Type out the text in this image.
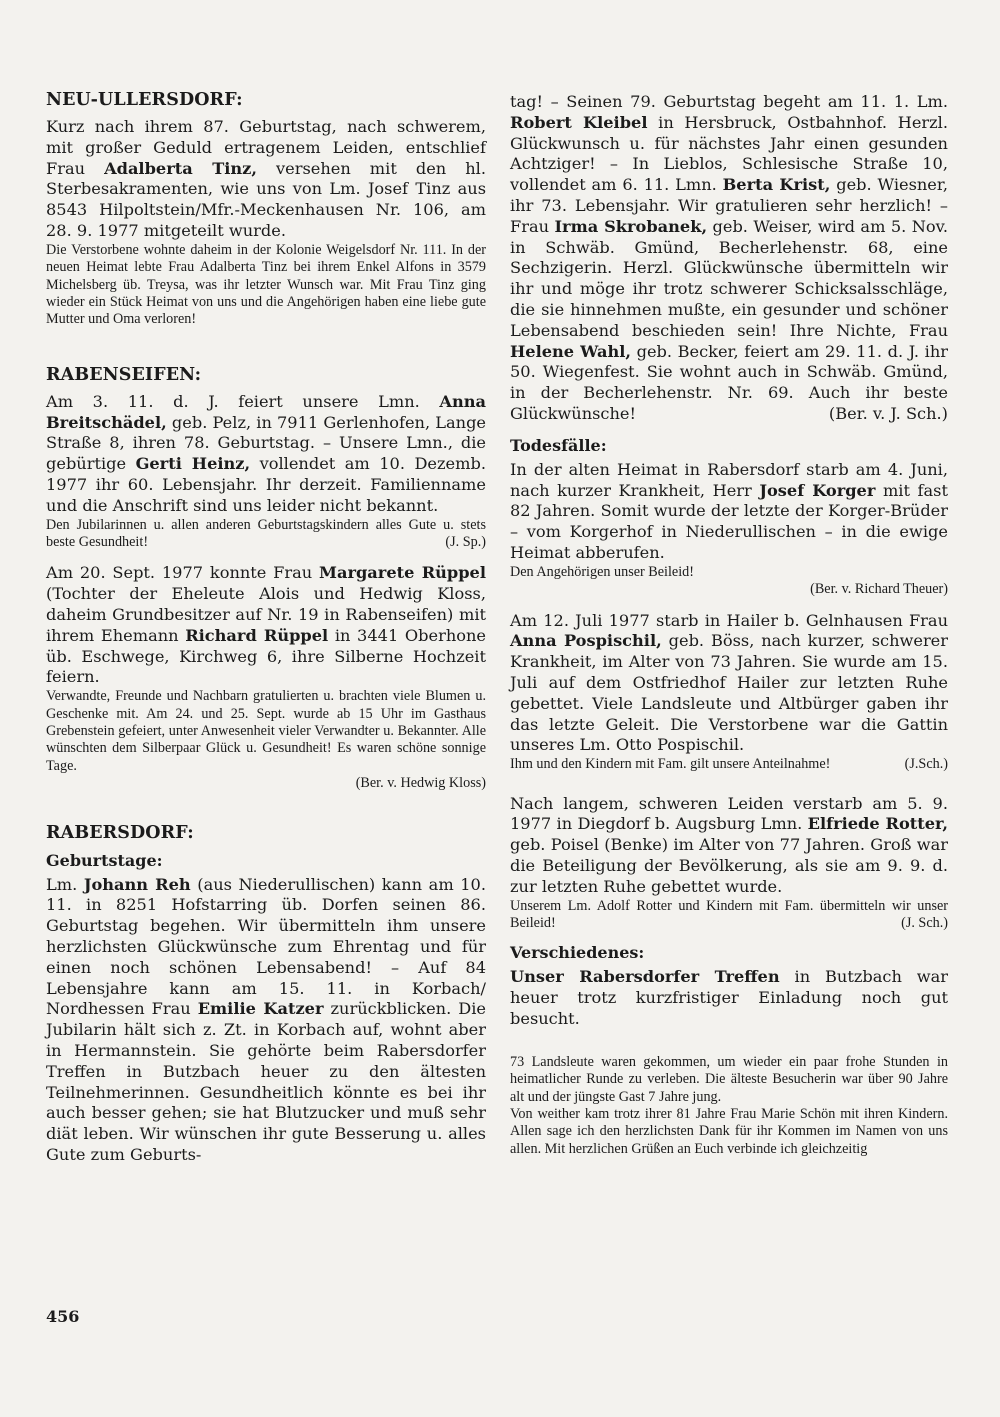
NEU-ULLERSDORF:

Kurz nach ihrem 87. Geburtstag, nach schwerem, mit großer Geduld ertragenem Leiden, entschlief Frau Adalberta Tinz, versehen mit den hl. Sterbesakramenten, wie uns von Lm. Josef Tinz aus 8543 Hilpoltstein/Mfr.-Meckenhausen Nr. 106, am 28. 9. 1977 mitgeteilt wurde.

Die Verstorbene wohnte daheim in der Kolonie Weigelsdorf Nr. 111. In der neuen Heimat lebte Frau Adalberta Tinz bei ihrem Enkel Alfons in 3579 Michelsberg üb. Treysa, was ihr letzter Wunsch war. Mit Frau Tinz ging wieder ein Stück Heimat von uns und die Angehörigen haben eine liebe gute Mutter und Oma verloren!

RABENSEIFEN:

Am 3. 11. d. J. feiert unsere Lmn. Anna Breitschädel, geb. Pelz, in 7911 Gerlenhofen, Lange Straße 8, ihren 78. Geburtstag. – Unsere Lmn., die gebürtige Gerti Heinz, vollendet am 10. Dezemb. 1977 ihr 60. Lebensjahr. Ihr derzeit. Familienname und die Anschrift sind uns leider nicht bekannt.

Den Jubilarinnen u. allen anderen Geburtstagskindern alles Gute u. stets beste Gesundheit!	(J. Sp.)

Am 20. Sept. 1977 konnte Frau Margarete Rüppel (Tochter der Eheleute Alois und Hedwig Kloss, daheim Grundbesitzer auf Nr. 19 in Rabenseifen) mit ihrem Ehemann Richard Rüppel in 3441 Oberhone üb. Eschwege, Kirchweg 6, ihre Silberne Hochzeit feiern.

Verwandte, Freunde und Nachbarn gratulierten u. brachten viele Blumen u. Geschenke mit. Am 24. und 25. Sept. wurde ab 15 Uhr im Gasthaus Grebenstein gefeiert, unter Anwesenheit vieler Verwandter u. Bekannter. Alle wünschten dem Silberpaar Glück u. Gesundheit! Es waren schöne sonnige Tage.

(Ber. v. Hedwig Kloss)

RABERSDORF:
Geburtstage:

Lm. Johann Reh (aus Niederullischen) kann am 10. 11. in 8251 Hofstarring üb. Dorfen seinen 86. Geburtstag begehen. Wir übermitteln ihm unsere herzlichsten Glückwünsche zum Ehrentag und für einen noch schönen Lebensabend! – Auf 84 Lebensjahre kann am 15. 11. in Korbach/ Nordhessen Frau Emilie Katzer zurückblicken. Die Jubilarin hält sich z. Zt. in Korbach auf, wohnt aber in Hermannstein. Sie gehörte beim Rabersdorfer Treffen in Butzbach heuer zu den ältesten Teilnehmerinnen. Gesundheitlich könnte es bei ihr auch besser gehen; sie hat Blutzucker und muß sehr diät leben. Wir wünschen ihr gute Besserung u. alles Gute zum Geburts-

tag! – Seinen 79. Geburtstag begeht am 11. 1. Lm. Robert Kleibel in Hersbruck, Ostbahnhof. Herzl. Glückwunsch u. für nächstes Jahr einen gesunden Achtziger! – In Lieblos, Schlesische Straße 10, vollendet am 6. 11. Lmn. Berta Krist, geb. Wiesner, ihr 73. Lebensjahr. Wir gratulieren sehr herzlich! – Frau Irma Skrobanek, geb. Weiser, wird am 5. Nov. in Schwäb. Gmünd, Becherlehenstr. 68, eine Sechzigerin. Herzl. Glückwünsche übermitteln wir ihr und möge ihr trotz schwerer Schicksalsschläge, die sie hinnehmen mußte, ein gesunder und schöner Lebensabend beschieden sein! Ihre Nichte, Frau Helene Wahl, geb. Becker, feiert am 29. 11. d. J. ihr 50. Wiegenfest. Sie wohnt auch in Schwäb. Gmünd, in der Becherlehenstr. Nr. 69. Auch ihr beste Glückwünsche!	(Ber. v. J. Sch.)

Todesfälle:

In der alten Heimat in Rabersdorf starb am 4. Juni, nach kurzer Krankheit, Herr Josef Korger mit fast 82 Jahren. Somit wurde der letzte der Korger-Brüder – vom Korgerhof in Niederullischen – in die ewige Heimat abberufen.

Den Angehörigen unser Beileid!

(Ber. v. Richard Theuer)

Am 12. Juli 1977 starb in Hailer b. Gelnhausen Frau Anna Pospischil, geb. Böss, nach kurzer, schwerer Krankheit, im Alter von 73 Jahren. Sie wurde am 15. Juli auf dem Ostfriedhof Hailer zur letzten Ruhe gebettet. Viele Landsleute und Altbürger gaben ihr das letzte Geleit. Die Verstorbene war die Gattin unseres Lm. Otto Pospischil.

Ihm und den Kindern mit Fam. gilt unsere Anteilnahme!	(J.Sch.)

Nach langem, schweren Leiden verstarb am 5. 9. 1977 in Diegdorf b. Augsburg Lmn. Elfriede Rotter, geb. Poisel (Benke) im Alter von 77 Jahren. Groß war die Beteiligung der Bevölkerung, als sie am 9. 9. d. zur letzten Ruhe gebettet wurde.

Unserem Lm. Adolf Rotter und Kindern mit Fam. übermitteln wir unser Beileid!	(J. Sch.)

Verschiedenes:

Unser Rabersdorfer Treffen in Butzbach war heuer trotz kurzfristiger Einladung noch gut besucht.

73 Landsleute waren gekommen, um wieder ein paar frohe Stunden in heimatlicher Runde zu verleben. Die älteste Besucherin war über 90 Jahre alt und der jüngste Gast 7 Jahre jung.

Von weither kam trotz ihrer 81 Jahre Frau Marie Schön mit ihren Kindern. Allen sage ich den herzlichsten Dank für ihr Kommen im Namen von uns allen. Mit herzlichen Grüßen an Euch verbinde ich gleichzeitig

456
